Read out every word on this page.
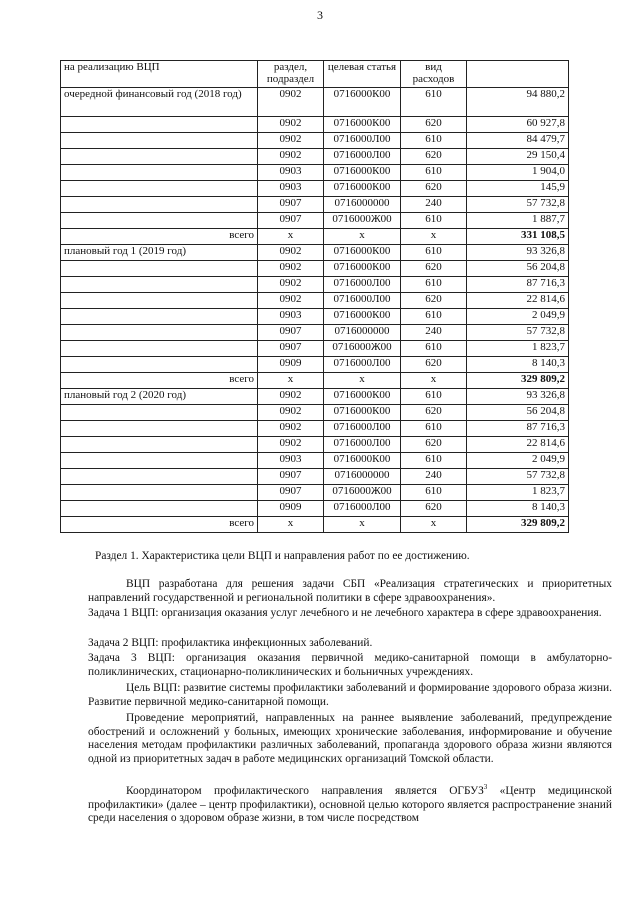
3
на реализацию ВЦП	раздел, подраздел	целевая статья	вид расходов	
очередной финансовый год (2018 год)	0902	0716000К00	610	94 880,2
	0902	0716000К00	620	60 927,8
	0902	0716000Л00	610	84 479,7
	0902	0716000Л00	620	29 150,4
	0903	0716000К00	610	1 904,0
	0903	0716000К00	620	145,9
	0907	0716000000	240	57 732,8
	0907	0716000Ж00	610	1 887,7
всего	х	х	х	331 108,5
плановый год 1 (2019 год)	0902	0716000К00	610	93 326,8
	0902	0716000К00	620	56 204,8
	0902	0716000Л00	610	87 716,3
	0902	0716000Л00	620	22 814,6
	0903	0716000К00	610	2 049,9
	0907	0716000000	240	57 732,8
	0907	0716000Ж00	610	1 823,7
	0909	0716000Л00	620	8 140,3
всего	х	х	х	329 809,2
плановый год 2 (2020 год)	0902	0716000К00	610	93 326,8
	0902	0716000К00	620	56 204,8
	0902	0716000Л00	610	87 716,3
	0902	0716000Л00	620	22 814,6
	0903	0716000К00	610	2 049,9
	0907	0716000000	240	57 732,8
	0907	0716000Ж00	610	1 823,7
	0909	0716000Л00	620	8 140,3
всего	х	х	х	329 809,2
Раздел 1. Характеристика цели ВЦП и направления работ по ее достижению.
ВЦП разработана для решения задачи СБП «Реализация стратегических и приоритетных направлений государственной и региональной политики в сфере здравоохранения».
Задача 1 ВЦП: организация оказания услуг лечебного и не лечебного характера в сфере здравоохранения.
Задача 2 ВЦП: профилактика инфекционных заболеваний.
Задача 3 ВЦП: организация оказания первичной медико-санитарной помощи в амбулаторно-поликлинических, стационарно-поликлинических и больничных учреждениях.
Цель ВЦП: развитие системы профилактики заболеваний и формирование здорового образа жизни. Развитие первичной медико-санитарной помощи.
Проведение мероприятий, направленных на раннее выявление заболеваний, предупреждение обострений и осложнений у больных, имеющих хронические заболевания, информирование и обучение населения методам профилактики различных заболеваний, пропаганда здорового образа жизни являются одной из приоритетных задач в работе медицинских организаций Томской области.
Координатором профилактического направления является ОГБУЗ$^3$ «Центр медицинской профилактики» (далее – центр профилактики), основной целью которого является распространение знаний среди населения о здоровом образе жизни, в том числе посредством
